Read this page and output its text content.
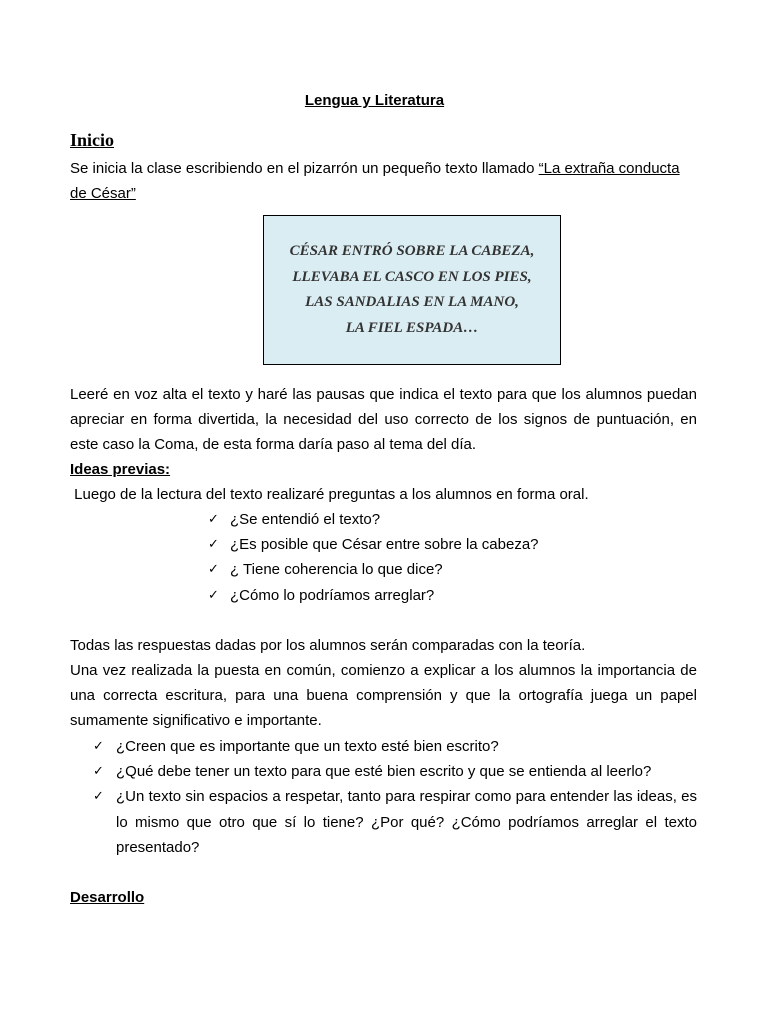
Lengua y Literatura
Inicio
Se inicia la clase escribiendo en el pizarrón un pequeño texto llamado “La extraña conducta de César”
CÉSAR ENTRÓ SOBRE LA CABEZA,
LLEVABA EL CASCO EN LOS PIES,
LAS SANDALIAS EN LA MANO,
LA FIEL ESPADA…

Leeré en voz alta el texto y haré las pausas que indica el texto para que los alumnos puedan apreciar en forma divertida, la necesidad del uso correcto de los signos de puntuación, en este caso la Coma, de esta forma daría paso al tema del día.

Ideas previas:
Luego de la lectura del texto realizaré preguntas a los alumnos en forma oral.
✓ ¿Se entendió el texto?
✓ ¿Es posible que César entre sobre la cabeza?
✓ ¿ Tiene coherencia lo que dice?
✓ ¿Cómo lo podríamos arreglar?
Todas las respuestas dadas por los alumnos serán comparadas con la teoría.

Una vez realizada la puesta en común, comienzo a explicar a los alumnos la importancia de una correcta escritura, para una buena comprensión y que la ortografía juega un papel sumamente significativo e importante.

✓ ¿Creen que es importante que un texto esté bien escrito?
✓ ¿Qué debe tener un texto para que esté bien escrito y que se entienda al leerlo?
✓ ¿Un texto sin espacios a respetar, tanto para respirar como para entender las ideas, es lo mismo que otro que sí lo tiene? ¿Por qué? ¿Cómo podríamos arreglar el texto presentado?
Desarrollo
